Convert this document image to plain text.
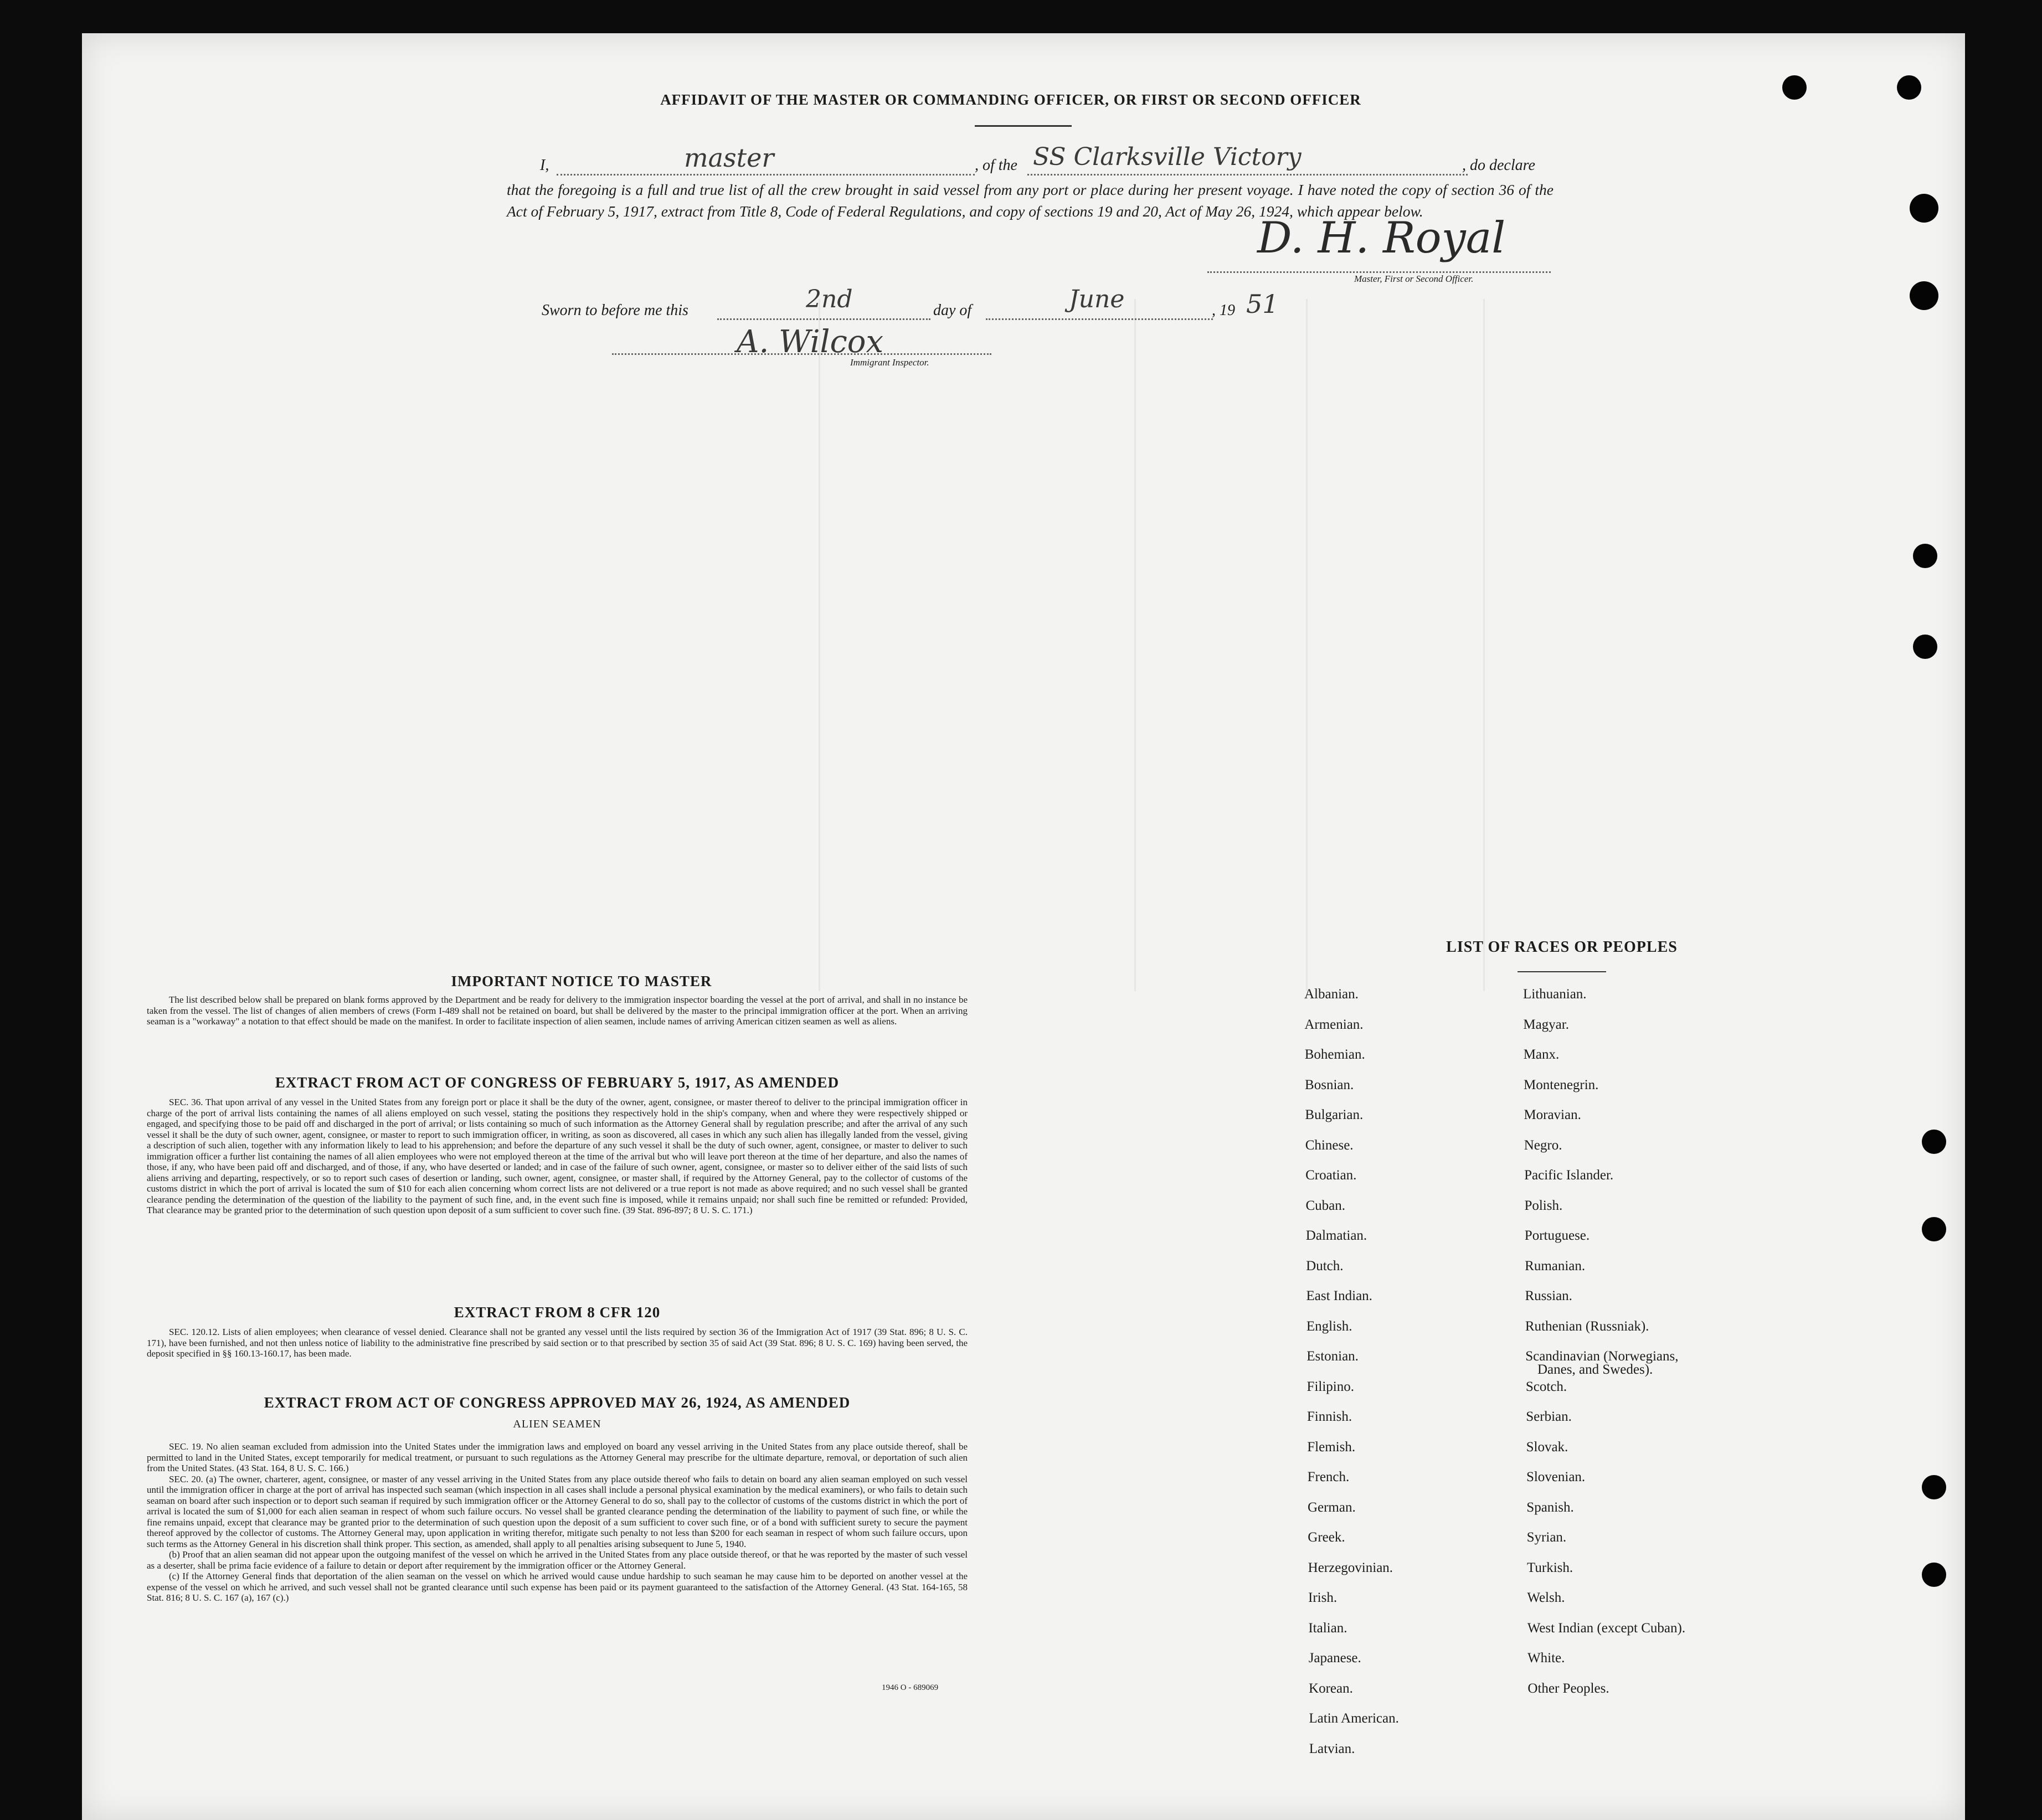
AFFIDAVIT OF THE MASTER OR COMMANDING OFFICER, OR FIRST OR SECOND OFFICER
I,	master	, of the SS Clarksville Victory	, do declare
that the foregoing is a full and true list of all the crew brought in said vessel from any port or place during her present voyage. I have noted the copy of section 36 of the Act of February 5, 1917, extract from Title 8, Code of Federal Regulations, and copy of sections 19 and 20, Act of May 26, 1924, which appear below.
D. H. Royal
Master, First or Second Officer.
Sworn to before me this	2nd	day of	June	, 19 51
A. Wilcox
Immigrant Inspector.
IMPORTANT NOTICE TO MASTER

The list described below shall be prepared on blank forms approved by the Department and be ready for delivery to the immigration inspector boarding the vessel at the port of arrival, and shall in no instance be taken from the vessel. The list of changes of alien members of crews (Form I-489 shall not be retained on board, but shall be delivered by the master to the principal immigration officer at the port. When an arriving seaman is a "workaway" a notation to that effect should be made on the manifest. In order to facilitate inspection of alien seamen, include names of arriving American citizen seamen as well as aliens.

EXTRACT FROM ACT OF CONGRESS OF FEBRUARY 5, 1917, AS AMENDED

SEC. 36. That upon arrival of any vessel in the United States from any foreign port or place it shall be the duty of the owner, agent, consignee, or master thereof to deliver to the principal immigration officer in charge of the port of arrival lists containing the names of all aliens employed on such vessel, stating the positions they respectively hold in the ship's company, when and where they were respectively shipped or engaged, and specifying those to be paid off and discharged in the port of arrival; or lists containing so much of such information as the Attorney General shall by regulation prescribe; and after the arrival of any such vessel it shall be the duty of such owner, agent, consignee, or master to report to such immigration officer, in writing, as soon as discovered, all cases in which any such alien has illegally landed from the vessel, giving a description of such alien, together with any information likely to lead to his apprehension; and before the departure of any such vessel it shall be the duty of such owner, agent, consignee, or master to deliver to such immigration officer a further list containing the names of all alien employees who were not employed thereon at the time of the arrival but who will leave port thereon at the time of her departure, and also the names of those, if any, who have been paid off and discharged, and of those, if any, who have deserted or landed; and in case of the failure of such owner, agent, consignee, or master so to deliver either of the said lists of such aliens arriving and departing, respectively, or so to report such cases of desertion or landing, such owner, agent, consignee, or master shall, if required by the Attorney General, pay to the collector of customs of the customs district in which the port of arrival is located the sum of $10 for each alien concerning whom correct lists are not delivered or a true report is not made as above required; and no such vessel shall be granted clearance pending the determination of the question of the liability to the payment of such fine, and, in the event such fine is imposed, while it remains unpaid; nor shall such fine be remitted or refunded: Provided, That clearance may be granted prior to the determination of such question upon deposit of a sum sufficient to cover such fine. (39 Stat. 896-897; 8 U. S. C. 171.)

EXTRACT FROM 8 CFR 120

SEC. 120.12. Lists of alien employees; when clearance of vessel denied. Clearance shall not be granted any vessel until the lists required by section 36 of the Immigration Act of 1917 (39 Stat. 896; 8 U. S. C. 171), have been furnished, and not then unless notice of liability to the administrative fine prescribed by said section or to that prescribed by section 35 of said Act (39 Stat. 896; 8 U. S. C. 169) having been served, the deposit specified in §§ 160.13-160.17, has been made.

EXTRACT FROM ACT OF CONGRESS APPROVED MAY 26, 1924, AS AMENDED
ALIEN SEAMEN

SEC. 19. No alien seaman excluded from admission into the United States under the immigration laws and employed on board any vessel arriving in the United States from any place outside thereof, shall be permitted to land in the United States, except temporarily for medical treatment, or pursuant to such regulations as the Attorney General may prescribe for the ultimate departure, removal, or deportation of such alien from the United States. (43 Stat. 164, 8 U. S. C. 166.)

SEC. 20. (a) The owner, charterer, agent, consignee, or master of any vessel arriving in the United States from any place outside thereof who fails to detain on board any alien seaman employed on such vessel until the immigration officer in charge at the port of arrival has inspected such seaman (which inspection in all cases shall include a personal physical examination by the medical examiners), or who fails to detain such seaman on board after such inspection or to deport such seaman if required by such immigration officer or the Attorney General to do so, shall pay to the collector of customs of the customs district in which the port of arrival is located the sum of $1,000 for each alien seaman in respect of whom such failure occurs. No vessel shall be granted clearance pending the determination of the liability to payment of such fine, or while the fine remains unpaid, except that clearance may be granted prior to the determination of such question upon the deposit of a sum sufficient to cover such fine, or of a bond with sufficient surety to secure the payment thereof approved by the collector of customs. The Attorney General may, upon application in writing therefor, mitigate such penalty to not less than $200 for each seaman in respect of whom such failure occurs, upon such terms as the Attorney General in his discretion shall think proper. This section, as amended, shall apply to all penalties arising subsequent to June 5, 1940.

(b) Proof that an alien seaman did not appear upon the outgoing manifest of the vessel on which he arrived in the United States from any place outside thereof, or that he was reported by the master of such vessel as a deserter, shall be prima facie evidence of a failure to detain or deport after requirement by the immigration officer or the Attorney General.

(c) If the Attorney General finds that deportation of the alien seaman on the vessel on which he arrived would cause undue hardship to such seaman he may cause him to be deported on another vessel at the expense of the vessel on which he arrived, and such vessel shall not be granted clearance until such expense has been paid or its payment guaranteed to the satisfaction of the Attorney General. (43 Stat. 164-165, 58 Stat. 816; 8 U. S. C. 167 (a), 167 (c).)

1946 O - 689069
LIST OF RACES OR PEOPLES
Albanian.
Armenian.
Bohemian.
Bosnian.
Bulgarian.
Chinese.
Croatian.
Cuban.
Dalmatian.
Dutch.
East Indian.
English.
Estonian.
Filipino.
Finnish.
Flemish.
French.
German.
Greek.
Herzegovinian.
Irish.
Italian.
Japanese.
Korean.
Latin American.
Latvian.
Lithuanian.
Magyar.
Manx.
Montenegrin.
Moravian.
Negro.
Pacific Islander.
Polish.
Portuguese.
Rumanian.
Russian.
Ruthenian (Russniak).
Scandinavian (Norwegians,
Danes, and Swedes).
Scotch.
Serbian.
Slovak.
Slovenian.
Spanish.
Syrian.
Turkish.
Welsh.
West Indian (except Cuban).
White.
Other Peoples.
